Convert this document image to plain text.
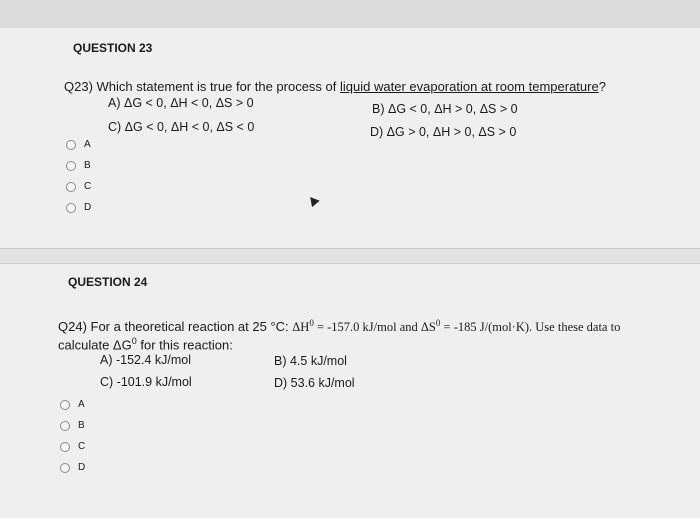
QUESTION 23
Q23) Which statement is true for the process of liquid water evaporation at room temperature?
A) ΔG < 0, ΔH < 0, ΔS > 0	B) ΔG < 0, ΔH > 0, ΔS > 0
C) ΔG < 0, ΔH < 0, ΔS < 0	D) ΔG > 0, ΔH > 0, ΔS > 0
A
B
C
D
QUESTION 24
Q24) For a theoretical reaction at 25 °C: $\Delta H^0 = -157.0$ kJ/mol and $\Delta S^0 = -185$ J/(mol·K). Use these data to
calculate $\Delta G^0$ for this reaction:
A) -152.4 kJ/mol	B) 4.5 kJ/mol
C) -101.9 kJ/mol	D) 53.6 kJ/mol
A
B
C
D
